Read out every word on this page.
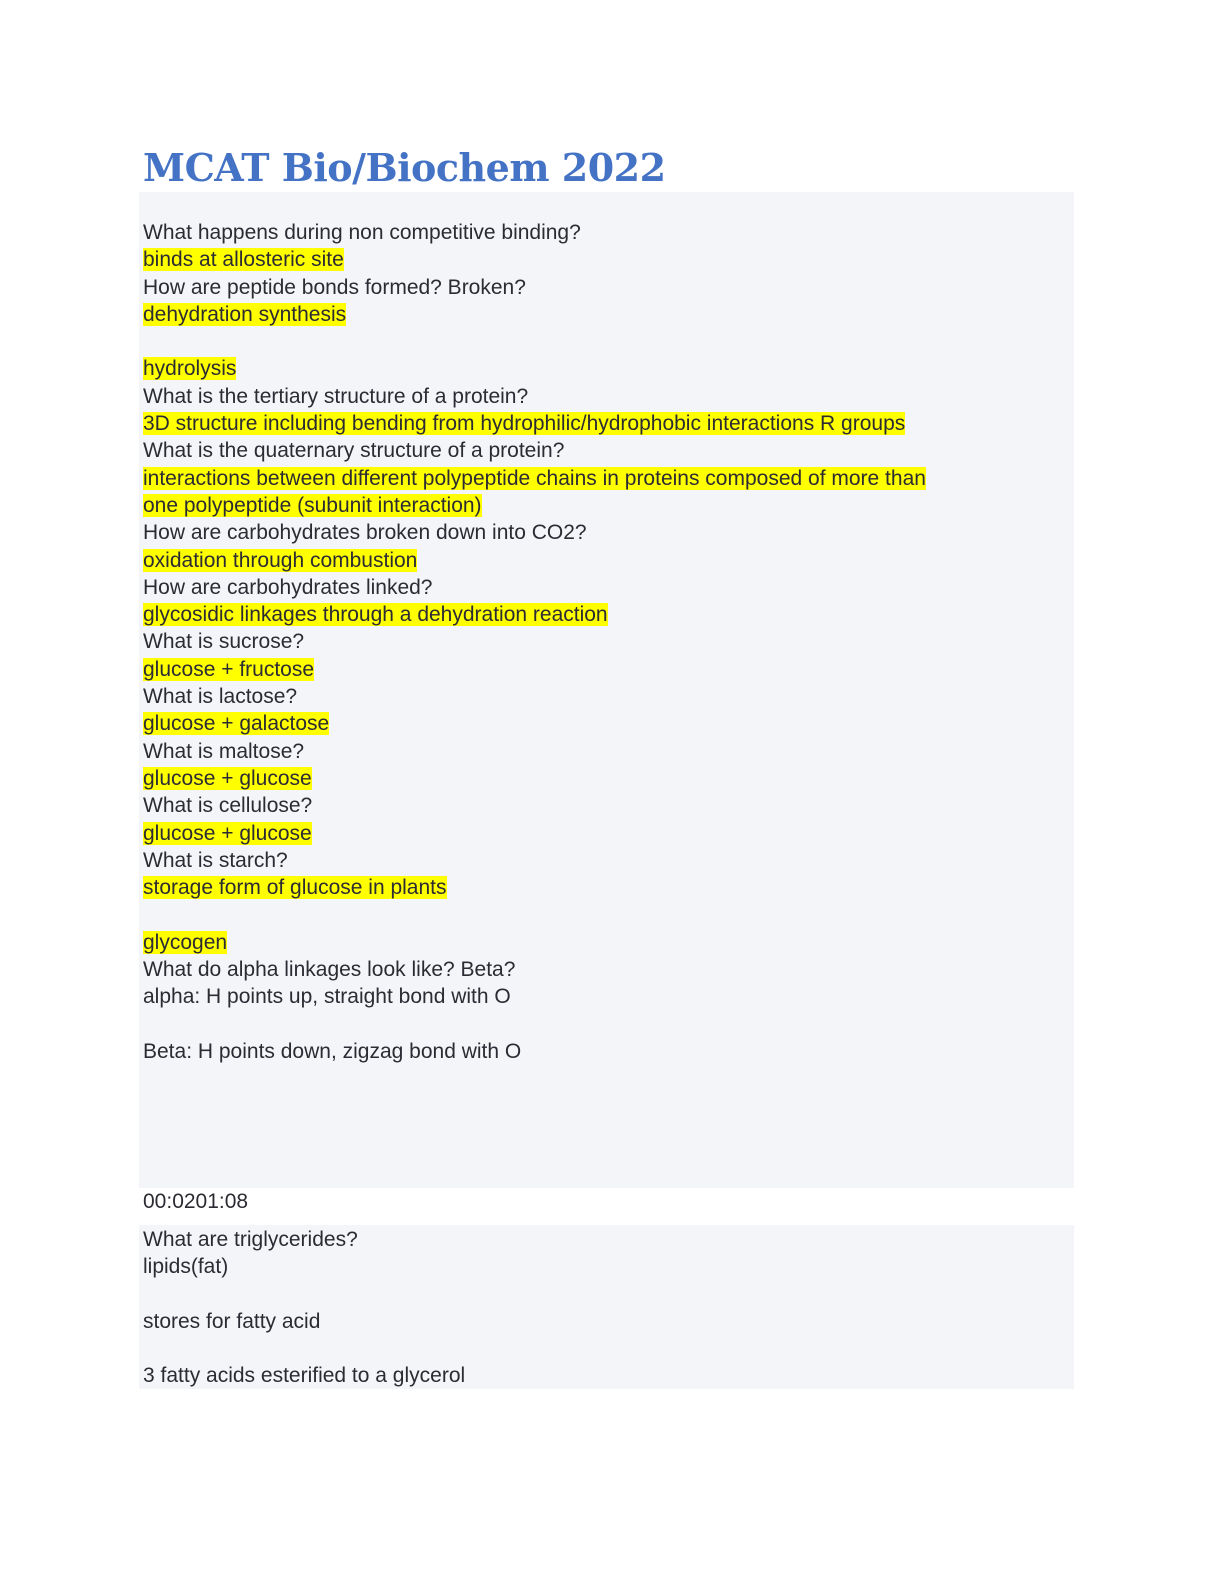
MCAT Bio/Biochem 2022
What happens during non competitive binding?
binds at allosteric site
How are peptide bonds formed? Broken?
dehydration synthesis
hydrolysis
What is the tertiary structure of a protein?
3D structure including bending from hydrophilic/hydrophobic interactions R groups
What is the quaternary structure of a protein?
interactions between different polypeptide chains in proteins composed of more than
one polypeptide (subunit interaction)
How are carbohydrates broken down into CO2?
oxidation through combustion
How are carbohydrates linked?
glycosidic linkages through a dehydration reaction
What is sucrose?
glucose + fructose
What is lactose?
glucose + galactose
What is maltose?
glucose + glucose
What is cellulose?
glucose + glucose
What is starch?
storage form of glucose in plants
glycogen
What do alpha linkages look like? Beta?
alpha: H points up, straight bond with O
Beta: H points down, zigzag bond with O
00:0201:08
What are triglycerides?
lipids(fat)
stores for fatty acid
3 fatty acids esterified to a glycerol
